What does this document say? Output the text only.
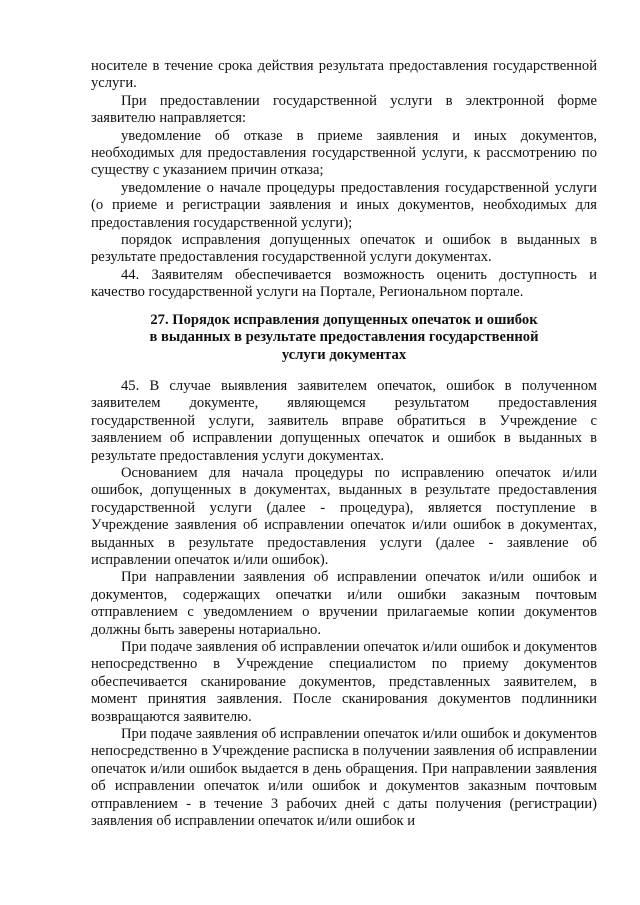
носителе в течение срока действия результата предоставления государственной услуги.

При предоставлении государственной услуги в электронной форме заявителю направляется:

уведомление об отказе в приеме заявления и иных документов, необходимых для предоставления государственной услуги, к рассмотрению по существу с указанием причин отказа;

уведомление о начале процедуры предоставления государственной услуги (о приеме и регистрации заявления и иных документов, необходимых для предоставления государственной услуги);

порядок исправления допущенных опечаток и ошибок в выданных в результате предоставления государственной услуги документах.

44. Заявителям обеспечивается возможность оценить доступность и качество государственной услуги на Портале, Региональном портале.

27. Порядок исправления допущенных опечаток и ошибок
в выданных в результате предоставления государственной
услуги документах

45. В случае выявления заявителем опечаток, ошибок в полученном заявителем документе, являющемся результатом предоставления государственной услуги, заявитель вправе обратиться в Учреждение с заявлением об исправлении допущенных опечаток и ошибок в выданных в результате предоставления услуги документах.

Основанием для начала процедуры по исправлению опечаток и/или ошибок, допущенных в документах, выданных в результате предоставления государственной услуги (далее - процедура), является поступление в Учреждение заявления об исправлении опечаток и/или ошибок в документах, выданных в результате предоставления услуги (далее - заявление об исправлении опечаток и/или ошибок).

При направлении заявления об исправлении опечаток и/или ошибок и документов, содержащих опечатки и/или ошибки заказным почтовым отправлением с уведомлением о вручении прилагаемые копии документов должны быть заверены нотариально.

При подаче заявления об исправлении опечаток и/или ошибок и документов непосредственно в Учреждение специалистом по приему документов обеспечивается сканирование документов, представленных заявителем, в момент принятия заявления. После сканирования документов подлинники возвращаются заявителю.

При подаче заявления об исправлении опечаток и/или ошибок и документов непосредственно в Учреждение расписка в получении заявления об исправлении опечаток и/или ошибок выдается в день обращения. При направлении заявления об исправлении опечаток и/или ошибок и документов заказным почтовым отправлением - в течение 3 рабочих дней с даты получения (регистрации) заявления об исправлении опечаток и/или ошибок и
